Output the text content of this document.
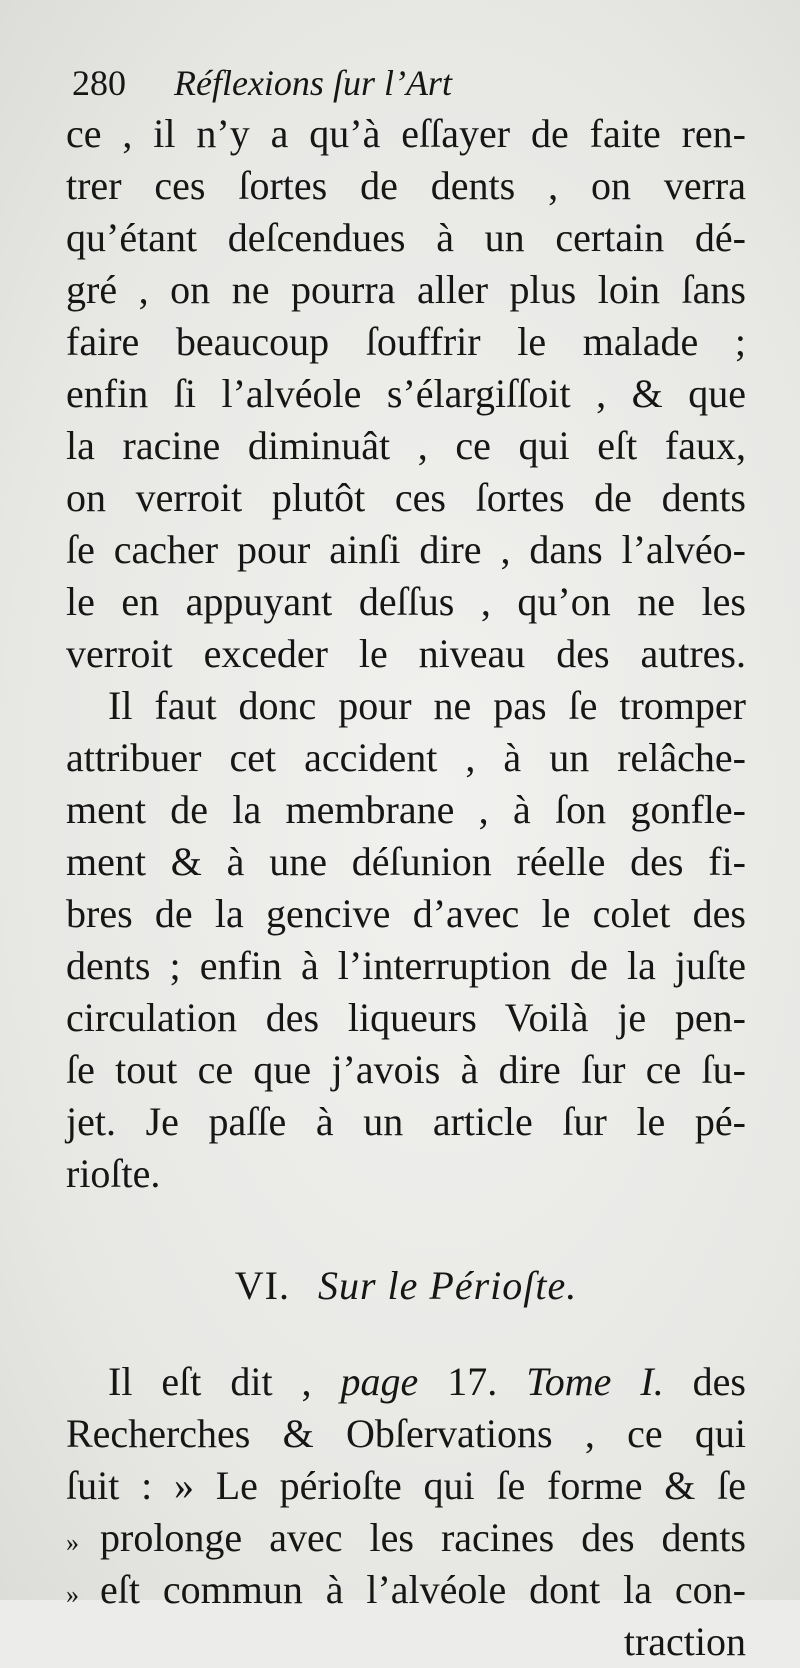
280 Réflexions ſur l’Art
ce , il n’y a qu’à eſſayer de faite ren-
trer ces ſortes de dents , on verra
qu’étant deſcendues à un certain dé-
gré , on ne pourra aller plus loin ſans
faire beaucoup ſouffrir le malade ;
enfin ſi l’alvéole s’élargiſſoit , & que
la racine diminuât , ce qui eſt faux,
on verroit plutôt ces ſortes de dents
ſe cacher pour ainſi dire , dans l’alvéo-
le en appuyant deſſus , qu’on ne les
verroit exceder le niveau des autres.
Il faut donc pour ne pas ſe tromper
attribuer cet accident , à un relâche-
ment de la membrane , à ſon gonfle-
ment & à une déſunion réelle des fi-
bres de la gencive d’avec le colet des
dents ; enfin à l’interruption de la juſte
circulation des liqueurs Voilà je pen-
ſe tout ce que j’avois à dire ſur ce ſu-
jet. Je paſſe à un article ſur le pé-
rioſte.
VI. Sur le Périoſte.
Il eſt dit , page 17. Tome I. des
Recherches & Obſervations , ce qui
ſuit : » Le périoſte qui ſe forme & ſe
» prolonge avec les racines des dents
» eſt commun à l’alvéole dont la con-
traction
